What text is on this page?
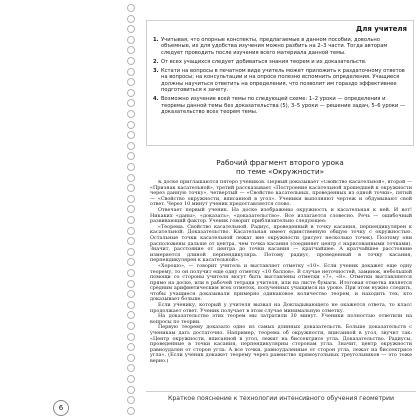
Для учителя
1. Учитывая, что опорные конспекты, предлагаемые в данном пособии, довольно объемные, их для удобства изучения можно разбить на 2–3 части. Тогда авторам следует проводить после изучения всего материала данной темы.
2. От всех учащихся следует добиваться знания теорем и их доказательств.
3. Кстати на вопросы в печатном виде учитель может приложить к раздаточному ответов на вопросы; на консультации и на опросе полезно вспомнить определения. Учащиеся должны научиться ответить на определения, что позволит им гораздо эффективнее подготовиться к зачету.
4. Возможно изучение всей темы по следующей схеме: 1–2 уроки — определения и теоремы данной темы без доказательства (5), 3–5 уроки — решение задач, 5–6 уроки — доказательство всех теорем темы.
Рабочий фрагмент второго урока
по теме «Окружности»

К доске приглашаются пятеро учеников. Первый доказывает «Свойство касательной», второй — «Признак касательной», третий рассказывает «Построение касательной прошедшей к окружности через данную точку», четвертый — «Свойство касательных, проведенных из одной точки», пятый — «Свойство окружности, вписанной в угол». Ученики выполняют чертеж и обдумывают свой ответ. Через 10 минут ученик предоставляется слово.

Отвечает первый ученик. На доске изображены окружность и касательная к ней. И вот! Никаких «даны», «доказать», «доказательство». Все излагается словесно. Речь — ошибочный развивающий фактор. Ученик говорит приблизительно следующее:

«Теорема. Свойство касательной. Радиус, проведенный в точку касания, перпендикулярен к касательной. Доказательство. Касательная имеет единственную общую точку с окружностью. Остальные точки касательной лежат вне окружности (рисует несколько точек). Поэтому они расположены дальше от центра, чем точка касания (соединяет центр с нарисованными точками). Значит, расстояние от центра до точки касания — кратчайшее. А кратчайшее расстояние измеряется длиной перпендикуляра. Потому радиус, проведенный в точку касания, перпендикулярен к касательной».

«Хорошо», — говорит учитель и выставляет отметку «10». Если ученик докажет еще одну теорему, то он получит еще одну отметку «10 баллов». В случае неточностей, заминок, небольшой помощи со стороны учителя могут быть выставлены отметки «7», «8». Отметки выставляются прямо на доске, или в рабочей тетради учителя, или на листе бумаги. Итоговая отметка является средним арифметическим всех отметок, полученных учащимся на уроке. При этом нужно следить, чтобы учащиеся доказывали примерно одинаковое количество теорем, и находить тех, кто доказывает больше.

Если ученику, который у учителя вызвал на Докладывающего не окажется ответа, то класс продолжает ответ. Ученик получает в этом случае минимальную отметку.

На доказательство этих теорем мы затратили 30 минут. Ученики полностью ответили на вопросы по теории.

Первую теорему доказало одно из самых длинных доказательств. Больше доказательств с ученикам дать достаточно. Например, теорема об окружности, вписанной в угол, звучит так: «Центр окружности, вписанной в угол, лежит на биссектрисе угла. Доказательство. Радиусы, проведенные в точки касания, перпендикулярны сторонам угла. Значит, центр окружности равноудален от сторон угла. А все точки, равноудаленные от сторон угла, лежат на биссектрисе угла». (Если ученик докажет теорему через равенство прямоугольных треугольников — это тоже верно.)

Краткое пояснение к технологии интенсивного обучения геометрии
6
